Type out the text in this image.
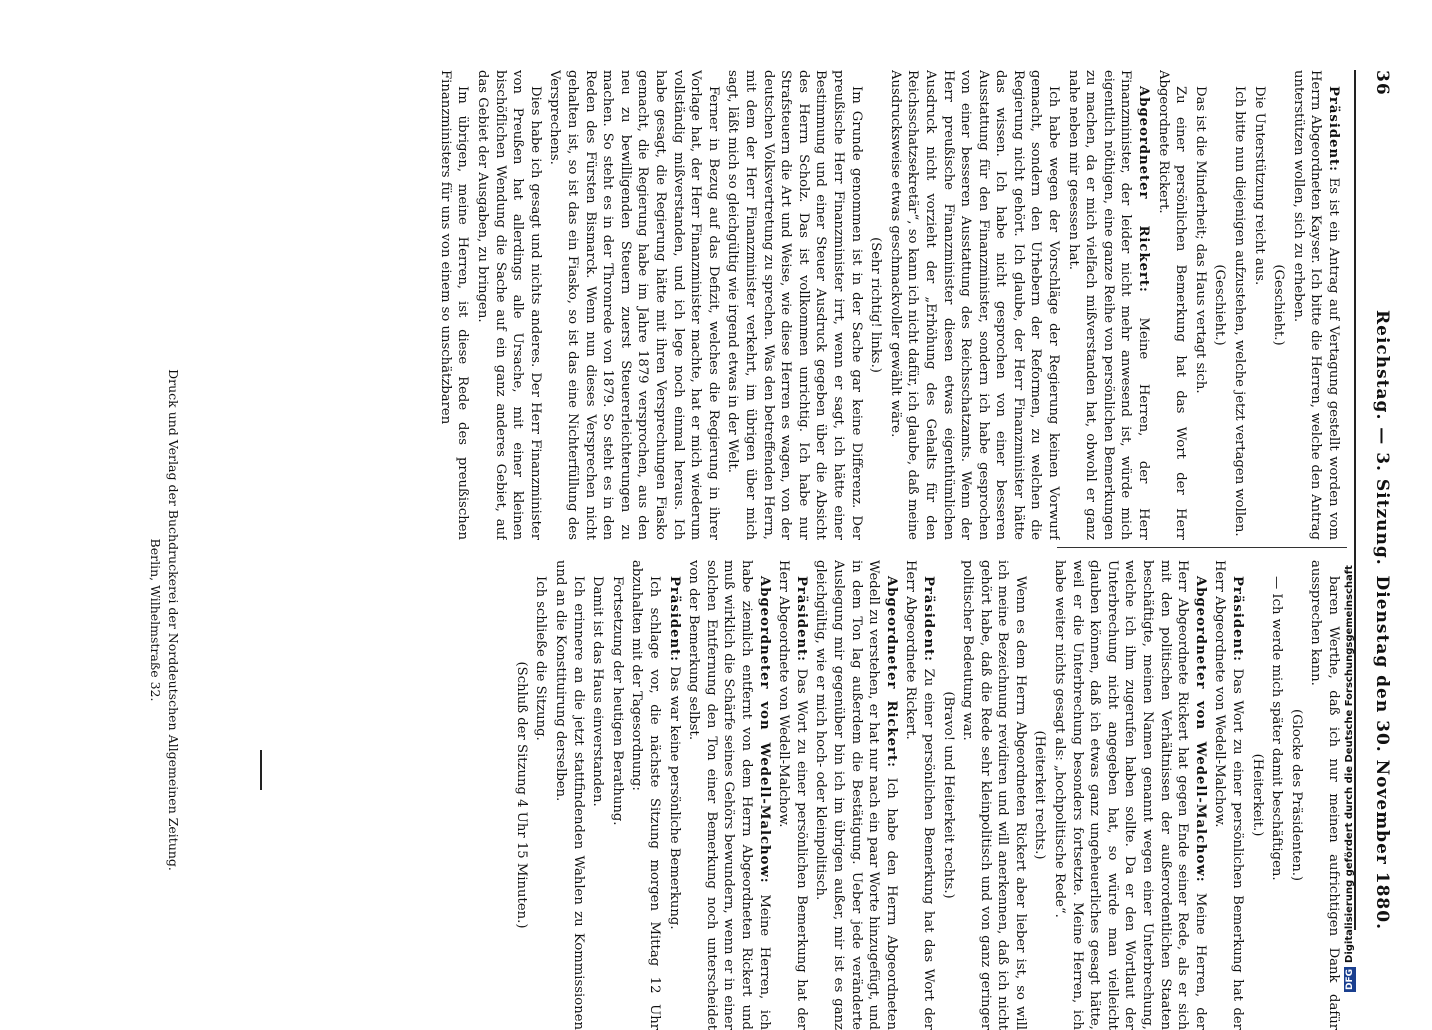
36
Reichstag. — 3. Sitzung.
Dienstag den 30. November 1880.

Präsident: Es ist ein Antrag auf Vertagung gestellt worden vom Herrn Abgeordneten Kayser. Ich bitte die Herren, welche den Antrag unterstützen wollen, sich zu erheben.

(Geschieht.)

Die Unterstützung reicht aus.

Ich bitte nun diejenigen aufzustehen, welche jetzt vertagen wollen.

(Geschieht.)

Das ist die Minderheit; das Haus vertagt sich.

Zu einer persönlichen Bemerkung hat das Wort der Herr Abgeordnete Rickert.

Abgeordneter Rickert: Meine Herren, der Herr Finanzminister, der leider nicht mehr anwesend ist, würde mich eigentlich nöthigen, eine ganze Reihe von persönlichen Bemerkungen zu machen, da er mich vielfach mißverstanden hat, obwohl er ganz nahe neben mir gesessen hat.

Ich habe wegen der Vorschläge der Regierung keinen Vorwurf gemacht, sondern den Urhebern der Reformen, zu welchen die Regierung nicht gehört. Ich glaube, der Herr Finanzminister hätte das wissen. Ich habe nicht gesprochen von einer besseren Ausstattung für den Finanzminister, sondern ich habe gesprochen von einer besseren Ausstattung des Reichsschatzamts. Wenn der Herr preußische Finanzminister diesen etwas eigenthümlichen Ausdruck nicht vorzieht der „Erhöhung des Gehalts für den Reichsschatzsekretär“, so kann ich nicht dafür, ich glaube, daß meine Ausdrucksweise etwas geschmackvoller gewählt wäre.

(Sehr richtig! links.)

Im Grunde genommen ist in der Sache gar keine Differenz. Der preußische Herr Finanzminister irrt, wenn er sagt, ich hätte einer Bestimmung und einer Steuer Ausdruck gegeben über die Absicht des Herrn Scholz. Das ist vollkommen unrichtig. Ich habe nur Strafsteuern die Art und Weise, wie diese Herren es wagen, von der deutschen Volksvertretung zu sprechen. Was den betreffenden Herrn, mit dem der Herr Finanzminister verkehrt, im übrigen über mich sagt, läßt mich so gleichgültig wie irgend etwas in der Welt.

Ferner in Bezug auf das Defizit, welches die Regierung in ihrer Vorlage hat, der Herr Finanzminister machte, hat er mich wiederum vollständig mißverstanden, und ich lege noch einmal heraus. Ich habe gesagt, die Regierung hätte mit ihren Versprechungen Fiasko gemacht, die Regierung habe im Jahre 1879 versprochen, aus den neu zu bewilligenden Steuern zuerst Steuererleichterungen zu machen. So steht es in der Thronrede von 1879. So steht es in den Reden des Fürsten Bismarck. Wenn nun dieses Versprechen nicht gehalten ist, so ist das ein Fiasko, so ist das eine Nichterfüllung des Versprechens.

Dies habe ich gesagt und nichts anderes. Der Herr Finanzminister von Preußen hat allerdings alle Ursache, mit einer kleinen bischöflichen Wendung die Sache auf ein ganz anderes Gebiet, auf das Gebiet der Ausgaben, zu bringen.

Im übrigen, meine Herren, ist diese Rede des preußischen Finanzministers für uns von einem so unschätzbaren

baren Werthe, daß ich nur meinen aufrichtigen Dank dafür aussprechen kann.

(Glocke des Präsidenten.)

— Ich werde mich später damit beschäftigen.

(Heiterkeit.)

Präsident: Das Wort zu einer persönlichen Bemerkung hat der Herr Abgeordnete von Wedell-Malchow.

Abgeordneter von Wedell-Malchow: Meine Herren, der Herr Abgeordnete Rickert hat gegen Ende seiner Rede, als er sich mit den politischen Verhältnissen der außerordentlichen Staaten beschäftigte, meinen Namen genannt wegen einer Unterbrechung, welche ich ihm zugerufen haben sollte. Da er den Wortlaut der Unterbrechung nicht angegeben hat, so würde man vielleicht glauben können, daß ich etwas ganz ungeheuerliches gesagt hätte, weil er die Unterbrechung besonders fortsetzte. Meine Herren, ich habe weiter nichts gesagt als: „hochpolitische Rede“.

(Heiterkeit rechts.)

Wenn es dem Herrn Abgeordneten Rickert aber lieber ist, so will ich meine Bezeichnung revidiren und will anerkennen, daß ich nicht gehört habe, daß die Rede sehr kleinpolitisch und von ganz geringer politischer Bedeutung war.

(Bravo! und Heiterkeit rechts.)

Präsident: Zu einer persönlichen Bemerkung hat das Wort der Herr Abgeordnete Rickert.

Abgeordneter Rickert: Ich habe den Herrn Abgeordneten Wedell zu verstehen, er hat nur nach ein paar Worte hinzugefügt, und in dem Ton lag außerdem die Bestätigung. Ueber jede veränderte Auslegung mir gegenüber bin ich im übrigen außer, mir ist es ganz gleichgültig, wie er mich hoch- oder kleinpolitisch.

Präsident: Das Wort zu einer persönlichen Bemerkung hat der Herr Abgeordnete von Wedell-Malchow.

Abgeordneter von Wedell-Malchow: Meine Herren, ich habe ziemlich entfernt von dem Herrn Abgeordneten Rickert und muß wirklich die Schärfe seines Gehörs bewundern, wenn er in einer solchen Entfernung den Ton einer Bemerkung noch unterscheidet von der Bemerkung selbst.

Präsident: Das war keine persönliche Bemerkung.

Ich schlage vor, die nächste Sitzung morgen Mittag 12 Uhr abzuhalten mit der Tagesordnung:

Fortsetzung der heutigen Berathung.

Damit ist das Haus einverstanden.

Ich erinnere an die jetzt stattfindenden Wahlen zu Kommissionen und an die Konstituirung derselben.

Ich schließe die Sitzung.

(Schluß der Sitzung 4 Uhr 15 Minuten.)

Druck und Verlag der Buchdruckerei der Norddeutschen Allgemeinen Zeitung.
Berlin, Wilhelmstraße 32.
DFGDigitalisierung gefördert durch die Deutsche Forschungsgemeinschaft
